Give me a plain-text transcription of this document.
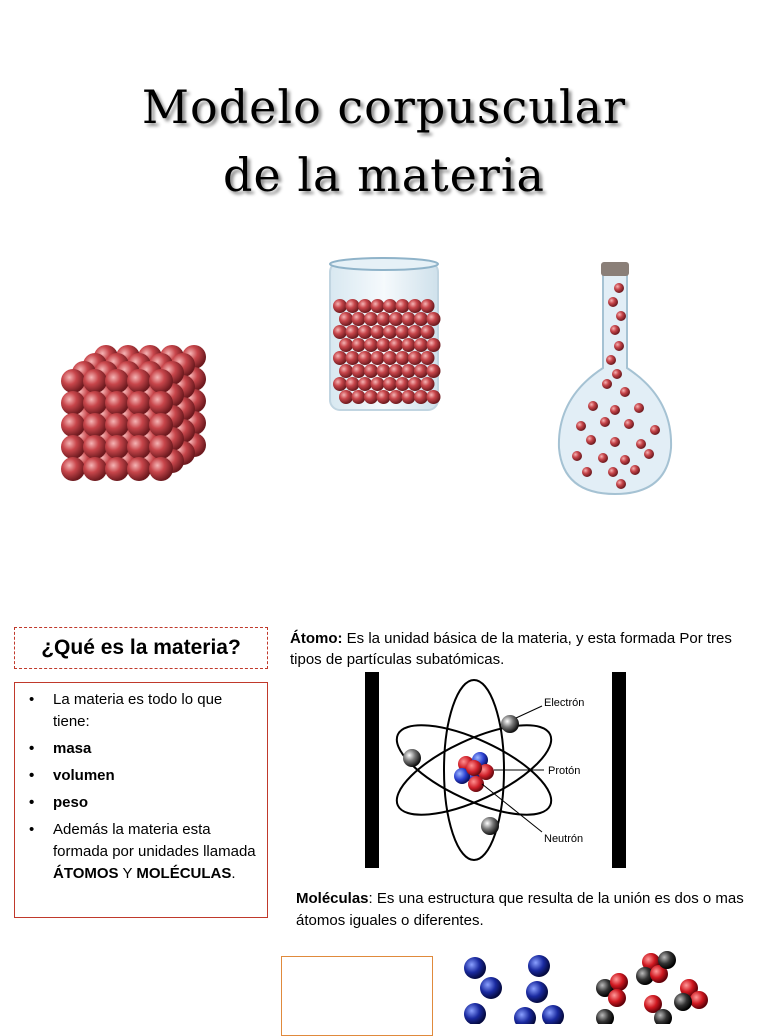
Modelo corpuscular
de la materia
¿Qué es la materia?
• La materia es todo lo que tiene:
• masa
• volumen
• peso
• Además la materia esta formada por unidades llamada ÁTOMOS Y MOLÉCULAS.
Átomo: Es la unidad básica de la materia, y esta formada Por tres tipos de partículas subatómicas.
Electrón
Protón
Neutrón
Moléculas: Es una estructura que resulta de la unión es dos o mas átomos iguales o diferentes.
